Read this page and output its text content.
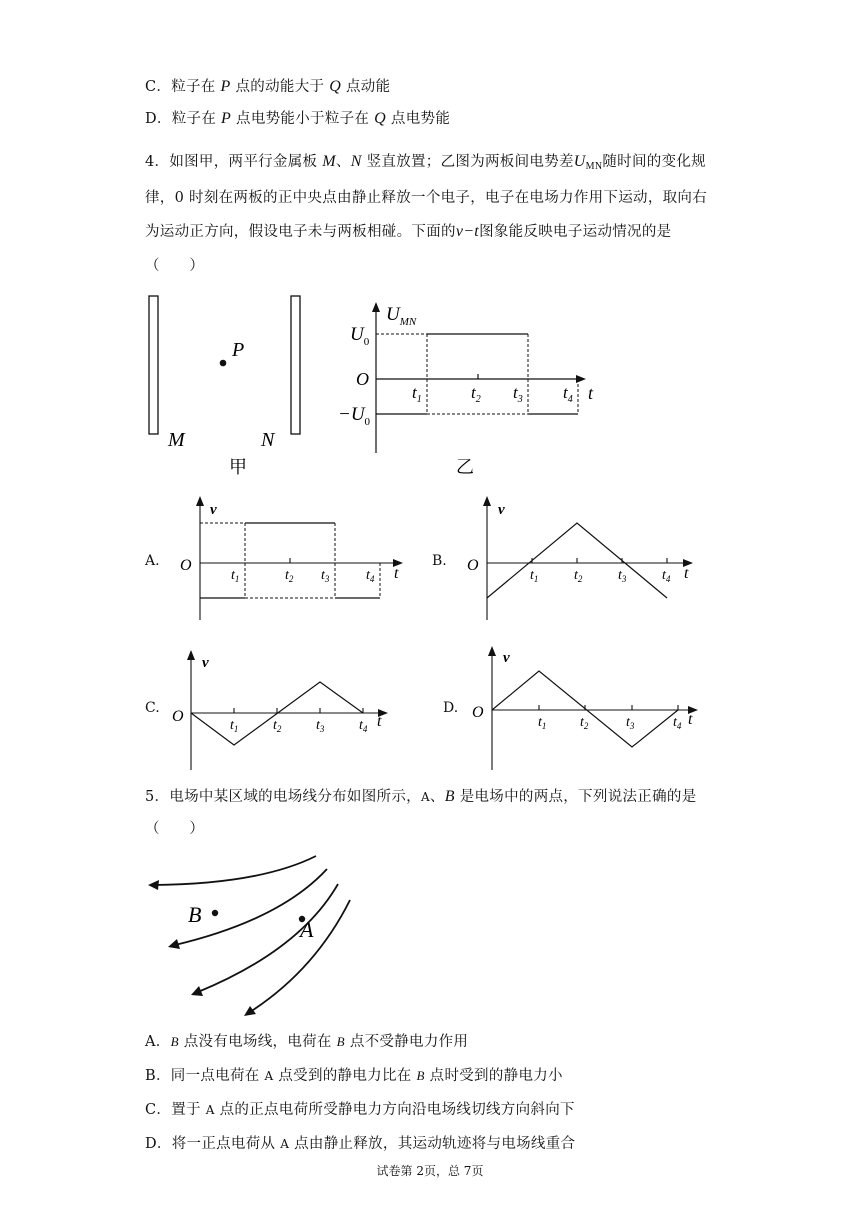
C．粒子在 P 点的动能大于 Q 点动能
D．粒子在 P 点电势能小于粒子在 Q 点电势能
4．如图甲，两平行金属板 M、N 竖直放置；乙图为两板间电势差$U_{MN}$随时间的变化规
律，0 时刻在两板的正中央点由静止释放一个电子，电子在电场力作用下运动，取向右
为运动正方向，假设电子未与两板相碰。下面的v−t图象能反映电子运动情况的是
（　　）
P
M	N
甲
$U_{MN}$
$U_0$
$-U_0$
O
t
$t_1$	$t_2$ $t_3$ $t_4$
乙
A.
v
O	t
$t_1$	$t_2$ $t_3$	$t_4$
B.
v
O	t
$t_1$	$t_2$	$t_3$	$t_4$
C.
v
O	t
$t_1$ $t_2$ $t_3$ $t_4$
D.
v
O	t
$t_1$ $t_2$	$t_3$	$t_4$
5．电场中某区域的电场线分布如图所示，A、B 是电场中的两点，下列说法正确的是
（　　）
B
A
A．B 点没有电场线，电荷在 B 点不受静电力作用
B．同一点电荷在 A 点受到的静电力比在 B 点时受到的静电力小
C．置于 A 点的正点电荷所受静电力方向沿电场线切线方向斜向下
D．将一正点电荷从 A 点由静止释放，其运动轨迹将与电场线重合
试卷第 2页，总 7页
